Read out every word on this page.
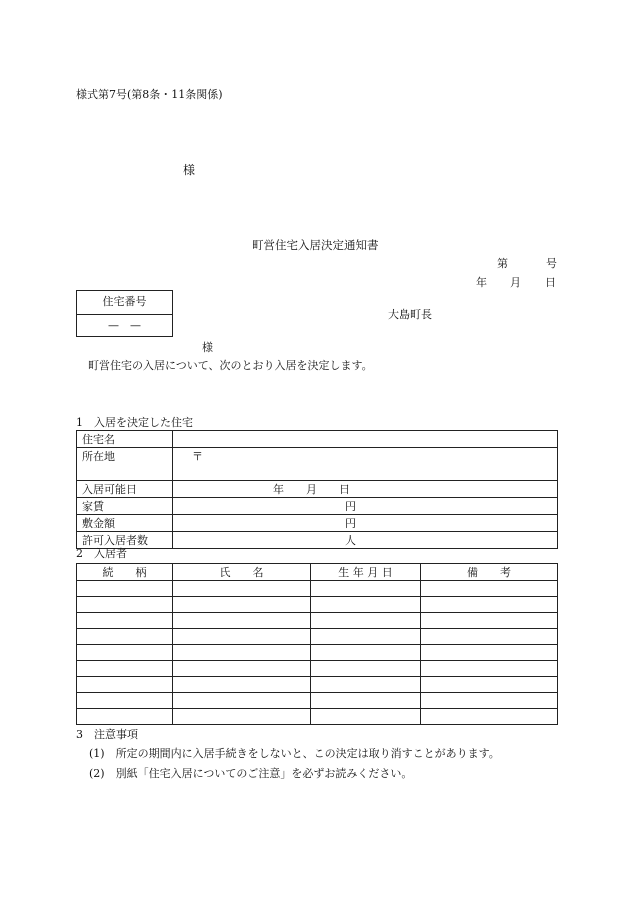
様式第7号(第8条・11条関係)
様
町営住宅入居決定通知書
第	号
年 月 日
住宅番号
—　—
大島町長
様
町営住宅の入居について、次のとおり入居を決定します。
1　入居を決定した住宅
住宅名	
所在地	〒
入居可能日	年　　月　　日
家賃	円
敷金額	円
許可入居者数	人
2　入居者
続　　柄	氏　　名	生 年 月 日	備　　考

3　注意事項
(1)　所定の期間内に入居手続きをしないと、この決定は取り消すことがあります。
(2)　別紙「住宅入居についてのご注意」を必ずお読みください。
